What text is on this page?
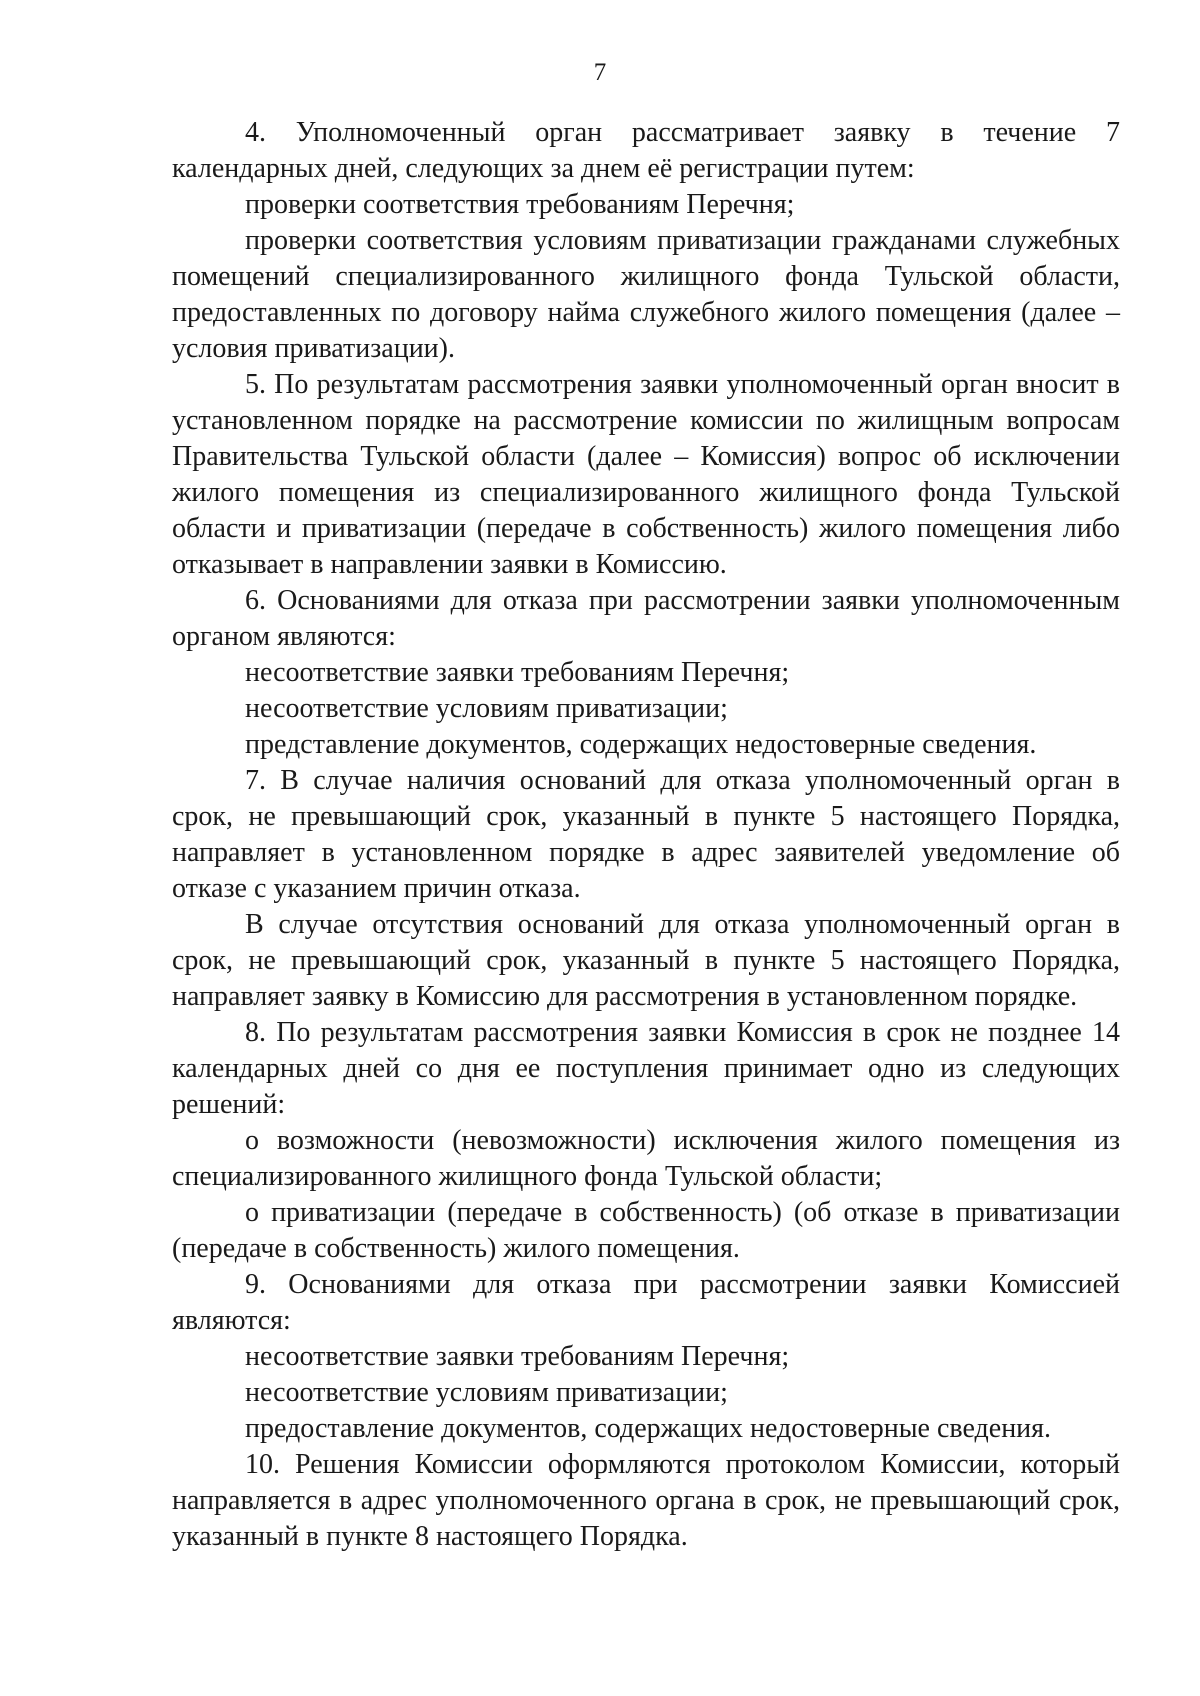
7

4. Уполномоченный орган рассматривает заявку в течение 7 календарных дней, следующих за днем её регистрации путем:

проверки соответствия требованиям Перечня;

проверки соответствия условиям приватизации гражданами служебных помещений специализированного жилищного фонда Тульской области, предоставленных по договору найма служебного жилого помещения (далее – условия приватизации).

5. По результатам рассмотрения заявки уполномоченный орган вносит в установленном порядке на рассмотрение комиссии по жилищным вопросам Правительства Тульской области (далее – Комиссия) вопрос об исключении жилого помещения из специализированного жилищного фонда Тульской области и приватизации (передаче в собственность) жилого помещения либо отказывает в направлении заявки в Комиссию.

6. Основаниями для отказа при рассмотрении заявки уполномоченным органом являются:

несоответствие заявки требованиям Перечня;

несоответствие условиям приватизации;

представление документов, содержащих недостоверные сведения.

7. В случае наличия оснований для отказа уполномоченный орган в срок, не превышающий срок, указанный в пункте 5 настоящего Порядка, направляет в установленном порядке в адрес заявителей уведомление об отказе с указанием причин отказа.

В случае отсутствия оснований для отказа уполномоченный орган в срок, не превышающий срок, указанный в пункте 5 настоящего Порядка, направляет заявку в Комиссию для рассмотрения в установленном порядке.

8. По результатам рассмотрения заявки Комиссия в срок не позднее 14 календарных дней со дня ее поступления принимает одно из следующих решений:

о возможности (невозможности) исключения жилого помещения из специализированного жилищного фонда Тульской области;

о приватизации (передаче в собственность) (об отказе в приватизации (передаче в собственность) жилого помещения.

9. Основаниями для отказа при рассмотрении заявки Комиссией являются:

несоответствие заявки требованиям Перечня;

несоответствие условиям приватизации;

предоставление документов, содержащих недостоверные сведения.

10. Решения Комиссии оформляются протоколом Комиссии, который направляется в адрес уполномоченного органа в срок, не превышающий срок, указанный в пункте 8 настоящего Порядка.
